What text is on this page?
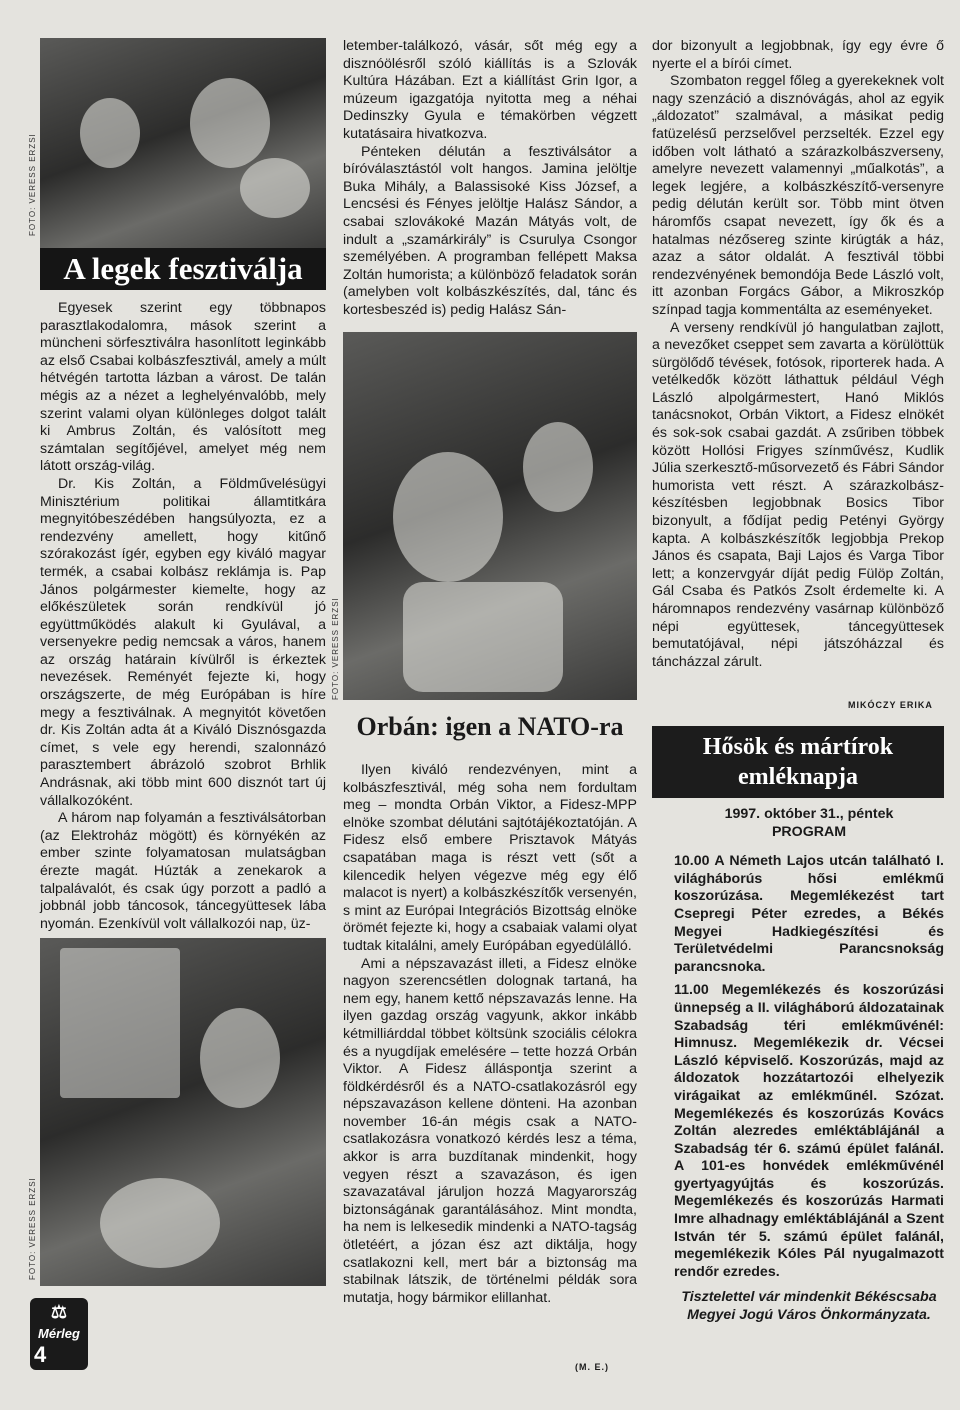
FOTO: VERESS ERZSI
A legek fesztiválja

Egyesek szerint egy többnapos parasztlakodalomra, mások szerint a müncheni sörfesztiválra hasonlított leginkább az első Csabai kolbászfesztivál, amely a múlt hétvégén tartotta lázban a várost. De talán mégis az a nézet a leghelyénvalóbb, mely szerint valami olyan különleges dolgot talált ki Ambrus Zoltán, és valósított meg számtalan segítőjével, amelyet még nem látott ország-világ.

Dr. Kis Zoltán, a Földművelésügyi Minisztérium politikai államtitkára megnyitóbeszédében hangsúlyozta, ez a rendezvény amellett, hogy kitűnő szórakozást ígér, egyben egy kiváló magyar termék, a csabai kolbász reklámja is. Pap János polgármester kiemelte, hogy az előkészületek során rendkívül jó együttműködés alakult ki Gyulával, a versenyekre pedig nemcsak a város, hanem az ország határain kívülről is érkeztek nevezések. Reményét fejezte ki, hogy országszerte, de még Európában is híre megy a fesztiválnak. A megnyitót követően dr. Kis Zoltán adta át a Kiváló Disznósgazda címet, s vele egy herendi, szalonnázó parasztembert ábrázoló szobrot Brhlik Andrásnak, aki több mint 600 disznót tart új vállalkozóként.

A három nap folyamán a fesztiválsátorban (az Elektroház mögött) és környékén az ember szinte folyamatosan mulatságban érezte magát. Húzták a zenekarok a talpalávalót, és csak úgy porzott a padló a jobbnál jobb táncosok, táncegyüttesek lába nyomán. Ezenkívül volt vállalkozói nap, üz-

FOTO: VERESS ERZSI

letember-találkozó, vásár, sőt még egy a disznóölésről szóló kiállítás is a Szlovák Kultúra Házában. Ezt a kiállítást Grin Igor, a múzeum igazgatója nyitotta meg a néhai Dedinszky Gyula e témakörben végzett kutatásaira hivatkozva.

Pénteken délután a fesztiválsátor a bíróválasztástól volt hangos. Jamina jelöltje Buka Mihály, a Balassisoké Kiss József, a Lencsési és Fényes jelöltje Halász Sándor, a csabai szlovákoké Mazán Mátyás volt, de indult a „szamárkirály” is Csurulya Csongor személyében. A programban fellépett Maksa Zoltán humorista; a különböző feladatok során (amelyben volt kolbászkészítés, dal, tánc és kortesbeszéd is) pedig Halász Sán-

FOTO: VERESS ERZSI
Orbán: igen a NATO-ra

Ilyen kiváló rendezvényen, mint a kolbászfesztivál, még soha nem fordultam meg – mondta Orbán Viktor, a Fidesz-MPP elnöke szombat délutáni sajtótájékoztatóján. A Fidesz első embere Prisztavok Mátyás csapatában maga is részt vett (sőt a kilencedik helyen végezve még egy élő malacot is nyert) a kolbászkészítők versenyén, s mint az Európai Integrációs Bizottság elnöke örömét fejezte ki, hogy a csabaiak valami olyat tudtak kitalálni, amely Európában egyedülálló.

Ami a népszavazást illeti, a Fidesz elnöke nagyon szerencsétlen dolognak tartaná, ha nem egy, hanem kettő népszavazás lenne. Ha ilyen gazdag ország vagyunk, akkor inkább kétmilliárddal többet költsünk szociális célokra és a nyugdíjak emelésére – tette hozzá Orbán Viktor. A Fidesz álláspontja szerint a földkérdésről és a NATO-csatlakozásról egy népszavazáson kellene dönteni. Ha azonban november 16-án mégis csak a NATO-csatlakozásra vonatkozó kérdés lesz a téma, akkor is arra buzdítanak mindenkit, hogy vegyen részt a szavazáson, és igen szavazatával járuljon hozzá Magyarország biztonságának garantálásához. Mint mondta, ha nem is lelkesedik mindenki a NATO-tagság ötletéért, a józan ész azt diktálja, hogy csatlakozni kell, mert bár a biztonság ma stabilnak látszik, de történelmi példák sora mutatja, hogy bármikor elillanhat.

(M. E.)

dor bizonyult a legjobbnak, így egy évre ő nyerte el a bírói címet.

Szombaton reggel főleg a gyerekeknek volt nagy szenzáció a disznóvágás, ahol az egyik „áldozatot” szalmával, a másikat pedig fatüzelésű perzselővel perzselték. Ezzel egy időben volt látható a szárazkolbászverseny, amelyre nevezett valamennyi „műalkotás”, a legek legjére, a kolbászkészítő-versenyre pedig délután került sor. Több mint ötven háromfős csapat nevezett, így ők és a hatalmas nézősereg szinte kirúgták a ház, azaz a sátor oldalát. A fesztivál többi rendezvényének bemondója Bede László volt, itt azonban Forgács Gábor, a Mikroszkóp színpad tagja kommentálta az eseményeket.

A verseny rendkívül jó hangulatban zajlott, a nevezőket cseppet sem zavarta a körülöttük sürgölődő tévések, fotósok, riporterek hada. A vetélkedők között láthattuk például Végh László alpolgármestert, Hanó Miklós tanácsnokot, Orbán Viktort, a Fidesz elnökét és sok-sok csabai gazdát. A zsűriben többek között Hollósi Frigyes színművész, Kudlik Júlia szerkesztő-műsorvezető és Fábri Sándor humorista vett részt. A szárazkolbász-készítésben legjobbnak Bosics Tibor bizonyult, a fődíjat pedig Petényi György kapta. A kolbászkészítők legjobbja Prekop János és csapata, Baji Lajos és Varga Tibor lett; a konzervgyár díját pedig Fülöp Zoltán, Gál Csaba és Patkós Zsolt érdemelte ki. A háromnapos rendezvény vasárnap különböző népi együttesek, táncegyüttesek bemutatójával, népi játszóházzal és táncházzal zárult.

MIKÓCZY ERIKA
Hősök és mártírok emléknapja

1997. október 31., péntek

PROGRAM

10.00 A Németh Lajos utcán található I. világháborús hősi emlékmű koszorúzása. Megemlékezést tart Csepregi Péter ezredes, a Békés Megyei Hadkiegészítési és Területvédelmi Parancsnokság parancsnoka.

11.00 Megemlékezés és koszorúzási ünnepség a II. világháború áldozatainak Szabadság téri emlékművénél: Himnusz. Megemlékezik dr. Vécsei László képviselő. Koszorúzás, majd az áldozatok hozzátartozói elhelyezik virágaikat az emlékműnél. Szózat. Megemlékezés és koszorúzás Kovács Zoltán alezredes emléktáblájánál a Szabadság tér 6. számú épület falánál. A 101-es honvédek emlékművénél gyertyagyújtás és koszorúzás. Megemlékezés és koszorúzás Harmati Imre alhadnagy emléktáblájánál a Szent István tér 5. számú épület falánál, megemlékezik Kóles Pál nyugalmazott rendőr ezredes.

Tisztelettel vár mindenkit Békéscsaba Megyei Jogú Város Önkormányzata.

⚖
Mérleg
4
